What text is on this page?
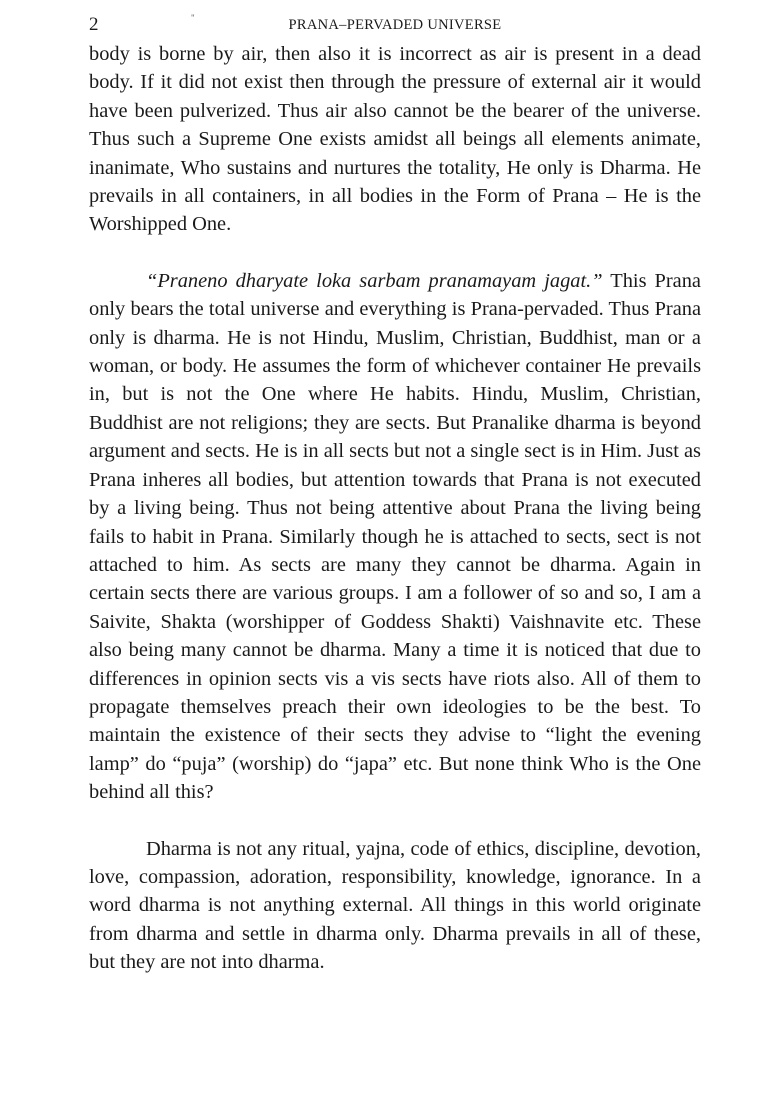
2	"	PRANA–PERVADED UNIVERSE

body is borne by air, then also it is incorrect as air is present in a dead body. If it did not exist then through the pressure of external air it would have been pulverized. Thus air also cannot be the bearer of the universe. Thus such a Supreme One exists amidst all beings all elements animate, inanimate, Who sustains and nurtures the totality, He only is Dharma. He prevails in all containers, in all bodies in the Form of Prana – He is the Worshipped One.

“Praneno dharyate loka sarbam pranamayam jagat.” This Prana only bears the total universe and everything is Prana-pervaded. Thus Prana only is dharma. He is not Hindu, Muslim, Christian, Buddhist, man or a woman, or body. He assumes the form of whichever container He prevails in, but is not the One where He habits. Hindu, Muslim, Christian, Buddhist are not religions; they are sects. But Pranalike dharma is beyond argument and sects. He is in all sects but not a single sect is in Him. Just as Prana inheres all bodies, but attention towards that Prana is not executed by a living being. Thus not being attentive about Prana the living being fails to habit in Prana. Similarly though he is attached to sects, sect is not attached to him. As sects are many they cannot be dharma. Again in certain sects there are various groups. I am a follower of so and so, I am a Saivite, Shakta (worshipper of Goddess Shakti) Vaishnavite etc. These also being many cannot be dharma. Many a time it is noticed that due to differences in opinion sects vis a vis sects have riots also. All of them to propagate themselves preach their own ideologies to be the best. To maintain the existence of their sects they advise to “light the evening lamp” do “puja” (worship) do “japa” etc. But none think Who is the One behind all this?

Dharma is not any ritual, yajna, code of ethics, discipline, devotion, love, compassion, adoration, responsibility, knowledge, ignorance. In a word dharma is not anything external. All things in this world originate from dharma and settle in dharma only. Dharma prevails in all of these, but they are not into dharma.
